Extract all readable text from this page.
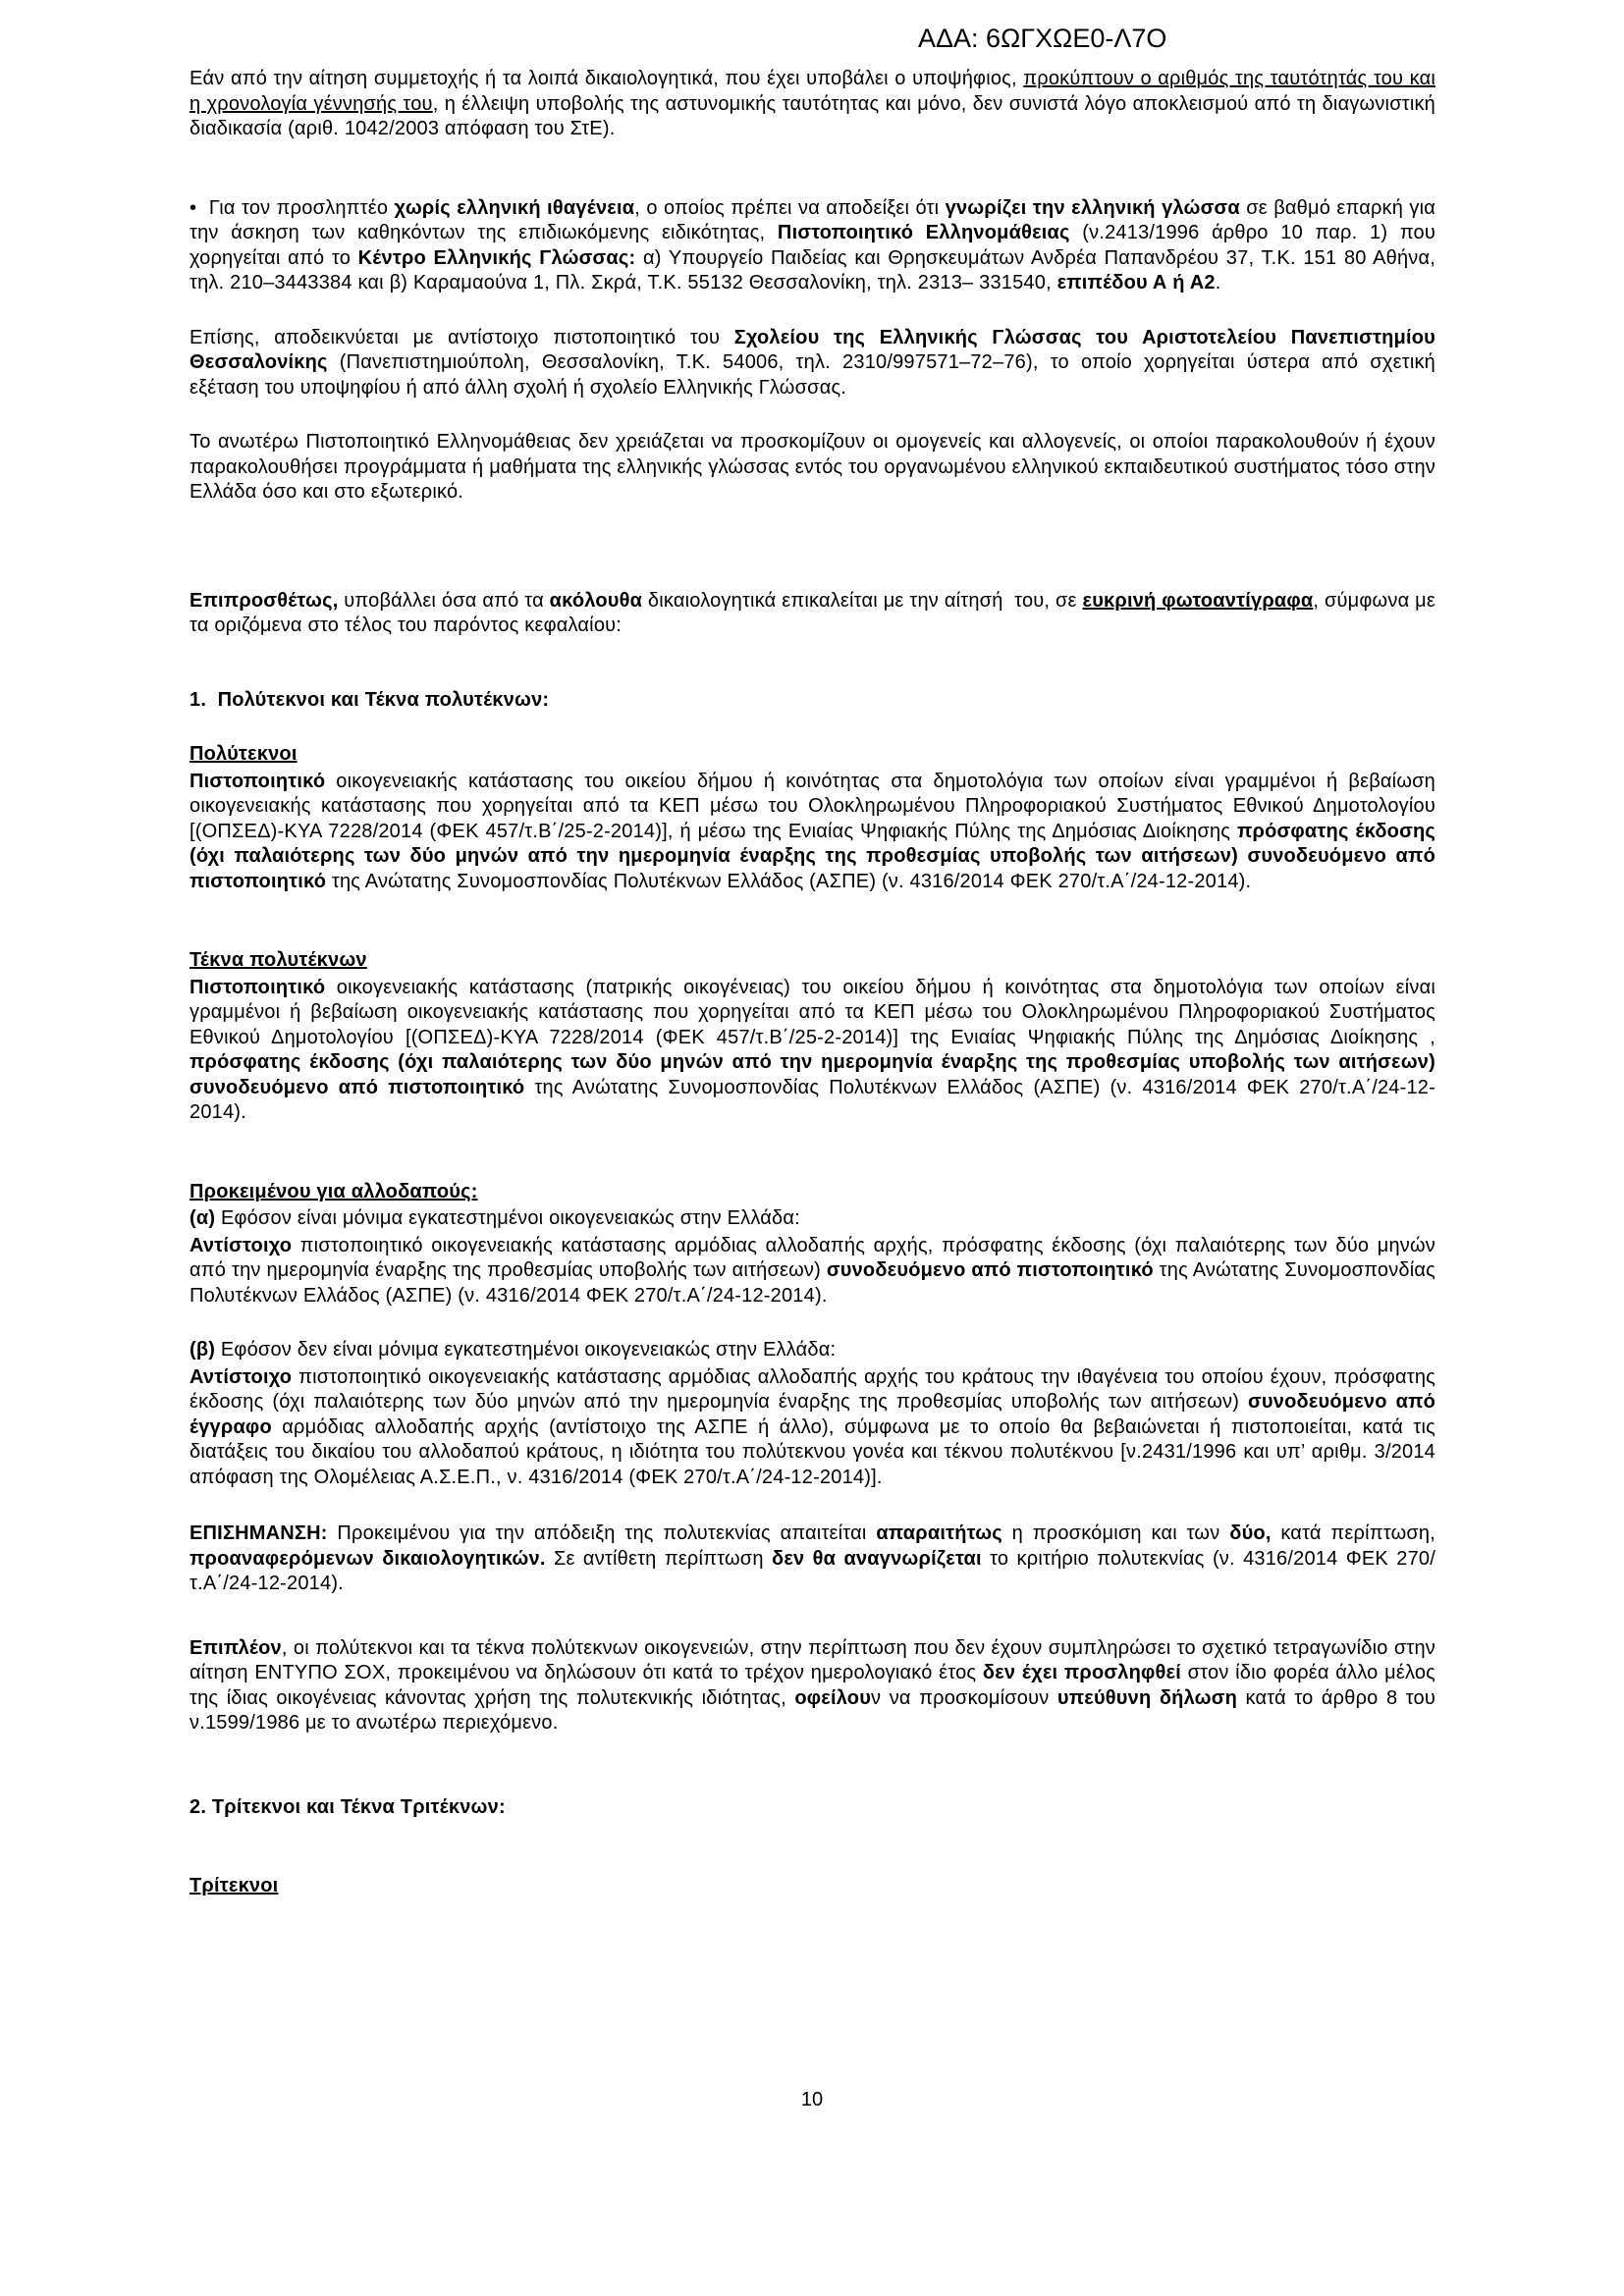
ΑΔΑ: 6ΩΓΧΩΕ0-Λ7Ο
Εάν από την αίτηση συμμετοχής ή τα λοιπά δικαιολογητικά, που έχει υποβάλει ο υποψήφιος, προκύπτουν ο αριθμός της ταυτότητάς του και η χρονολογία γέννησής του, η έλλειψη υποβολής της αστυνομικής ταυτότητας και μόνο, δεν συνιστά λόγο αποκλεισμού από τη διαγωνιστική διαδικασία (αριθ. 1042/2003 απόφαση του ΣτΕ).
•  Για τον προσληπτέο χωρίς ελληνική ιθαγένεια, ο οποίος πρέπει να αποδείξει ότι γνωρίζει την ελληνική γλώσσα σε βαθμό επαρκή για την άσκηση των καθηκόντων της επιδιωκόμενης ειδικότητας, Πιστοποιητικό Ελληνομάθειας (ν.2413/1996 άρθρο 10 παρ. 1) που χορηγείται από το Κέντρο Ελληνικής Γλώσσας: α) Υπουργείο Παιδείας και Θρησκευμάτων Ανδρέα Παπανδρέου 37, Τ.Κ. 151 80 Αθήνα, τηλ. 210–3443384 και β) Καραμαούνα 1, Πλ. Σκρά, Τ.Κ. 55132 Θεσσαλονίκη, τηλ. 2313– 331540, επιπέδου Α ή Α2.
Επίσης, αποδεικνύεται με αντίστοιχο πιστοποιητικό του Σχολείου της Ελληνικής Γλώσσας του Αριστοτελείου Πανεπιστημίου Θεσσαλονίκης (Πανεπιστημιούπολη, Θεσσαλονίκη, Τ.Κ. 54006, τηλ. 2310/997571–72–76), το οποίο χορηγείται ύστερα από σχετική εξέταση του υποψηφίου ή από άλλη σχολή ή σχολείο Ελληνικής Γλώσσας.
Το ανωτέρω Πιστοποιητικό Ελληνομάθειας δεν χρειάζεται να προσκομίζουν οι ομογενείς και αλλογενείς, οι οποίοι παρακολουθούν ή έχουν παρακολουθήσει προγράμματα ή μαθήματα της ελληνικής γλώσσας εντός του οργανωμένου ελληνικού εκπαιδευτικού συστήματος τόσο στην Ελλάδα όσο και στο εξωτερικό.
Επιπροσθέτως, υποβάλλει όσα από τα ακόλουθα δικαιολογητικά επικαλείται με την αίτησή  του, σε ευκρινή φωτοαντίγραφα, σύμφωνα με τα οριζόμενα στο τέλος του παρόντος κεφαλαίου:
1.  Πολύτεκνοι και Τέκνα πολυτέκνων:
Πολύτεκνοι
Πιστοποιητικό οικογενειακής κατάστασης του οικείου δήμου ή κοινότητας στα δημοτολόγια των οποίων είναι γραμμένοι ή βεβαίωση οικογενειακής κατάστασης που χορηγείται από τα ΚΕΠ μέσω του Ολοκληρωμένου Πληροφοριακού Συστήματος Εθνικού Δημοτολογίου [(ΟΠΣΕΔ)-ΚΥΑ 7228/2014 (ΦΕΚ 457/τ.Β΄/25-2-2014)], ή μέσω της Ενιαίας Ψηφιακής Πύλης της Δημόσιας Διοίκησης πρόσφατης έκδοσης (όχι παλαιότερης των δύο μηνών από την ημερομηνία έναρξης της προθεσμίας υποβολής των αιτήσεων) συνοδευόμενο από πιστοποιητικό της Ανώτατης Συνομοσπονδίας Πολυτέκνων Ελλάδος (ΑΣΠΕ) (ν. 4316/2014 ΦΕΚ 270/τ.Α΄/24-12-2014).
Τέκνα πολυτέκνων
Πιστοποιητικό οικογενειακής κατάστασης (πατρικής οικογένειας) του οικείου δήμου ή κοινότητας στα δημοτολόγια των οποίων είναι γραμμένοι ή βεβαίωση οικογενειακής κατάστασης που χορηγείται από τα ΚΕΠ μέσω του Ολοκληρωμένου Πληροφοριακού Συστήματος Εθνικού Δημοτολογίου [(ΟΠΣΕΔ)-ΚΥΑ 7228/2014 (ΦΕΚ 457/τ.Β΄/25-2-2014)] της Ενιαίας Ψηφιακής Πύλης της Δημόσιας Διοίκησης , πρόσφατης έκδοσης (όχι παλαιότερης των δύο μηνών από την ημερομηνία έναρξης της προθεσμίας υποβολής των αιτήσεων) συνοδευόμενο από πιστοποιητικό της Ανώτατης Συνομοσπονδίας Πολυτέκνων Ελλάδος (ΑΣΠΕ) (ν. 4316/2014 ΦΕΚ 270/τ.Α΄/24-12-2014).
Προκειμένου για αλλοδαπούς:
(α) Εφόσον είναι μόνιμα εγκατεστημένοι οικογενειακώς στην Ελλάδα:
Αντίστοιχο πιστοποιητικό οικογενειακής κατάστασης αρμόδιας αλλοδαπής αρχής, πρόσφατης έκδοσης (όχι παλαιότερης των δύο μηνών από την ημερομηνία έναρξης της προθεσμίας υποβολής των αιτήσεων) συνοδευόμενο από πιστοποιητικό της Ανώτατης Συνομοσπονδίας Πολυτέκνων Ελλάδος (ΑΣΠΕ) (ν. 4316/2014 ΦΕΚ 270/τ.Α΄/24-12-2014).
(β) Εφόσον δεν είναι μόνιμα εγκατεστημένοι οικογενειακώς στην Ελλάδα:
Αντίστοιχο πιστοποιητικό οικογενειακής κατάστασης αρμόδιας αλλοδαπής αρχής του κράτους την ιθαγένεια του οποίου έχουν, πρόσφατης έκδοσης (όχι παλαιότερης των δύο μηνών από την ημερομηνία έναρξης της προθεσμίας υποβολής των αιτήσεων) συνοδευόμενο από έγγραφο αρμόδιας αλλοδαπής αρχής (αντίστοιχο της ΑΣΠΕ ή άλλο), σύμφωνα με το οποίο θα βεβαιώνεται ή πιστοποιείται, κατά τις διατάξεις του δικαίου του αλλοδαπού κράτους, η ιδιότητα του πολύτεκνου γονέα και τέκνου πολυτέκνου [ν.2431/1996 και υπ’ αριθμ. 3/2014 απόφαση της Ολομέλειας Α.Σ.Ε.Π., ν. 4316/2014 (ΦΕΚ 270/τ.Α΄/24-12-2014)].
ΕΠΙΣΗΜΑΝΣΗ: Προκειμένου για την απόδειξη της πολυτεκνίας απαιτείται απαραιτήτως η προσκόμιση και των δύο, κατά περίπτωση, προαναφερόμενων δικαιολογητικών. Σε αντίθετη περίπτωση δεν θα αναγνωρίζεται το κριτήριο πολυτεκνίας (ν. 4316/2014 ΦΕΚ 270/τ.Α΄/24-12-2014).
Επιπλέον, οι πολύτεκνοι και τα τέκνα πολύτεκνων οικογενειών, στην περίπτωση που δεν έχουν συμπληρώσει το σχετικό τετραγωνίδιο στην αίτηση ΕΝΤΥΠΟ ΣΟΧ, προκειμένου να δηλώσουν ότι κατά το τρέχον ημερολογιακό έτος δεν έχει προσληφθεί στον ίδιο φορέα άλλο μέλος της ίδιας οικογένειας κάνοντας χρήση της πολυτεκνικής ιδιότητας, οφείλουν να προσκομίσουν υπεύθυνη δήλωση κατά το άρθρο 8 του ν.1599/1986 με το ανωτέρω περιεχόμενο.
2. Τρίτεκνοι και Τέκνα Τριτέκνων:
Τρίτεκνοι
10
